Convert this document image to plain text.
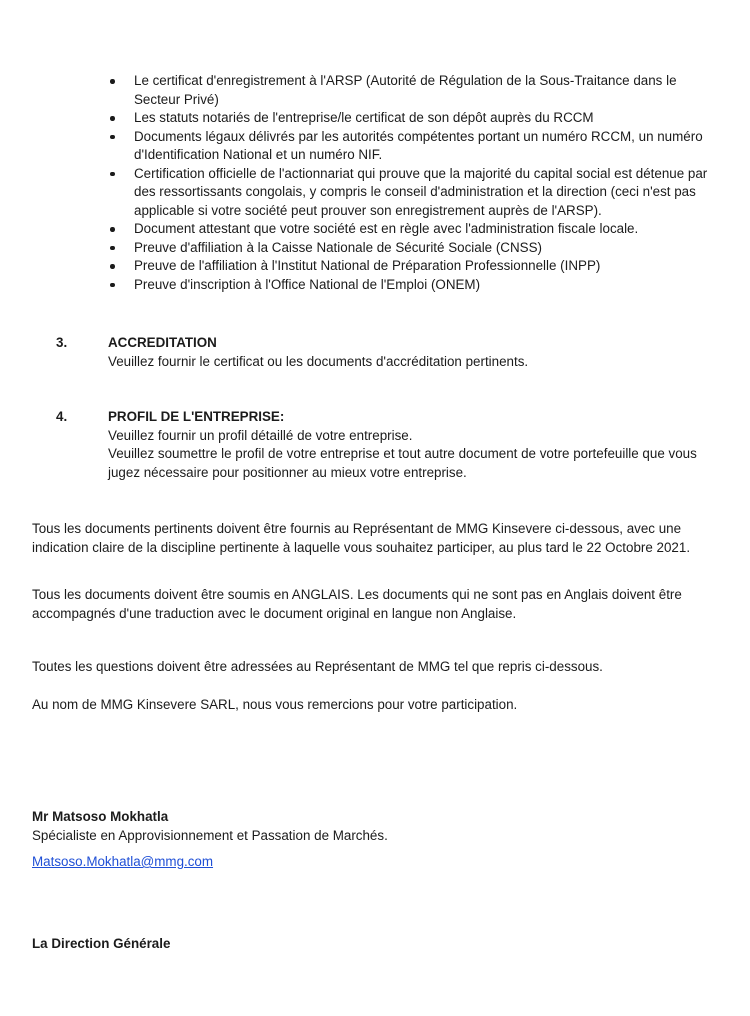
Le certificat d'enregistrement à l'ARSP (Autorité de Régulation de la Sous-Traitance dans le Secteur Privé)
Les statuts notariés de l'entreprise/le certificat de son dépôt auprès du RCCM
Documents légaux délivrés par les autorités compétentes portant un numéro RCCM, un numéro d'Identification National et un numéro NIF.
Certification officielle de l'actionnariat qui prouve que la majorité du capital social est détenue par des ressortissants congolais, y compris le conseil d'administration et la direction (ceci n'est pas applicable si votre société peut prouver son enregistrement auprès de l'ARSP).
Document attestant que votre société est en règle avec l'administration fiscale locale.
Preuve d'affiliation à la Caisse Nationale de Sécurité Sociale (CNSS)
Preuve de l'affiliation à l'Institut National de Préparation Professionnelle (INPP)
Preuve d'inscription à l'Office National de l'Emploi (ONEM)
3.	ACCREDITATION
Veuillez fournir le certificat ou les documents d'accréditation pertinents.
4.	PROFIL DE L'ENTREPRISE:
Veuillez fournir un profil détaillé de votre entreprise.
Veuillez soumettre le profil de votre entreprise et tout autre document de votre portefeuille que vous jugez nécessaire pour positionner au mieux votre entreprise.
Tous les documents pertinents doivent être fournis au Représentant de MMG Kinsevere ci-dessous, avec une indication claire de la discipline pertinente à laquelle vous souhaitez participer, au plus tard le 22 Octobre 2021.
Tous les documents doivent être soumis en ANGLAIS. Les documents qui ne sont pas en Anglais doivent être accompagnés d'une traduction avec le document original en langue non Anglaise.
Toutes les questions doivent être adressées au Représentant de MMG tel que repris ci-dessous.
Au nom de MMG Kinsevere SARL, nous vous remercions pour votre participation.
Mr Matsoso Mokhatla
Spécialiste en Approvisionnement et Passation de Marchés.
Matsoso.Mokhatla@mmg.com
La Direction Générale
